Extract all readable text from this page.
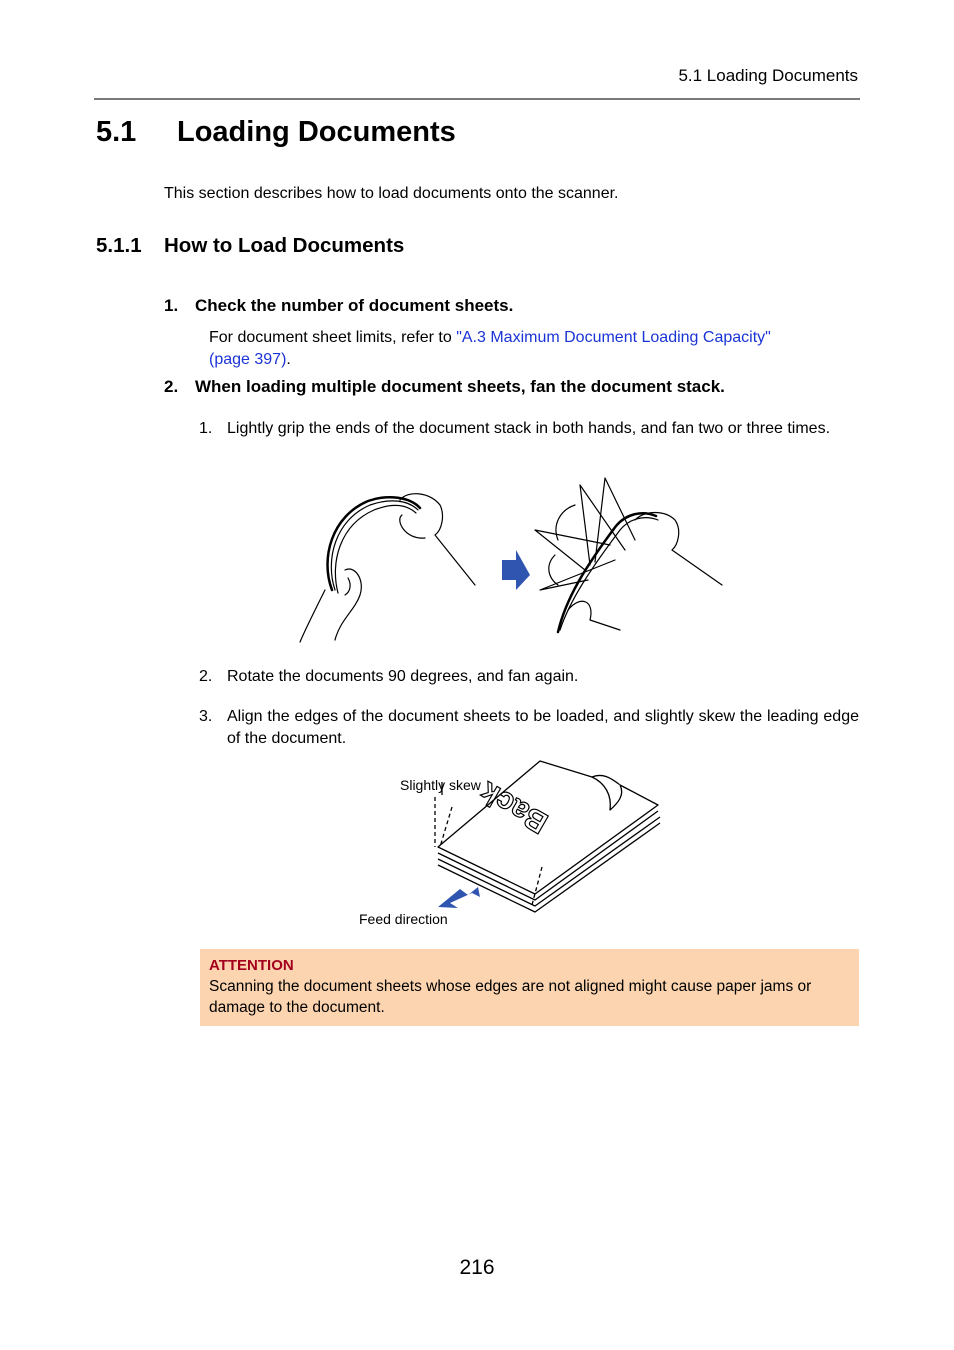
5.1 Loading Documents
5.1 Loading Documents
This section describes how to load documents onto the scanner.
5.1.1 How to Load Documents
1. Check the number of document sheets.
For document sheet limits, refer to "A.3 Maximum Document Loading Capacity"
(page 397).
2. When loading multiple document sheets, fan the document stack.
1. Lightly grip the ends of the document stack in both hands, and fan two or three times.
2. Rotate the documents 90 degrees, and fan again.
3. Align the edges of the document sheets to be loaded, and slightly skew the leading edge of the document.
Slightly skew
Feed direction
Back
ATTENTION
Scanning the document sheets whose edges are not aligned might cause paper jams or damage to the document.
216
